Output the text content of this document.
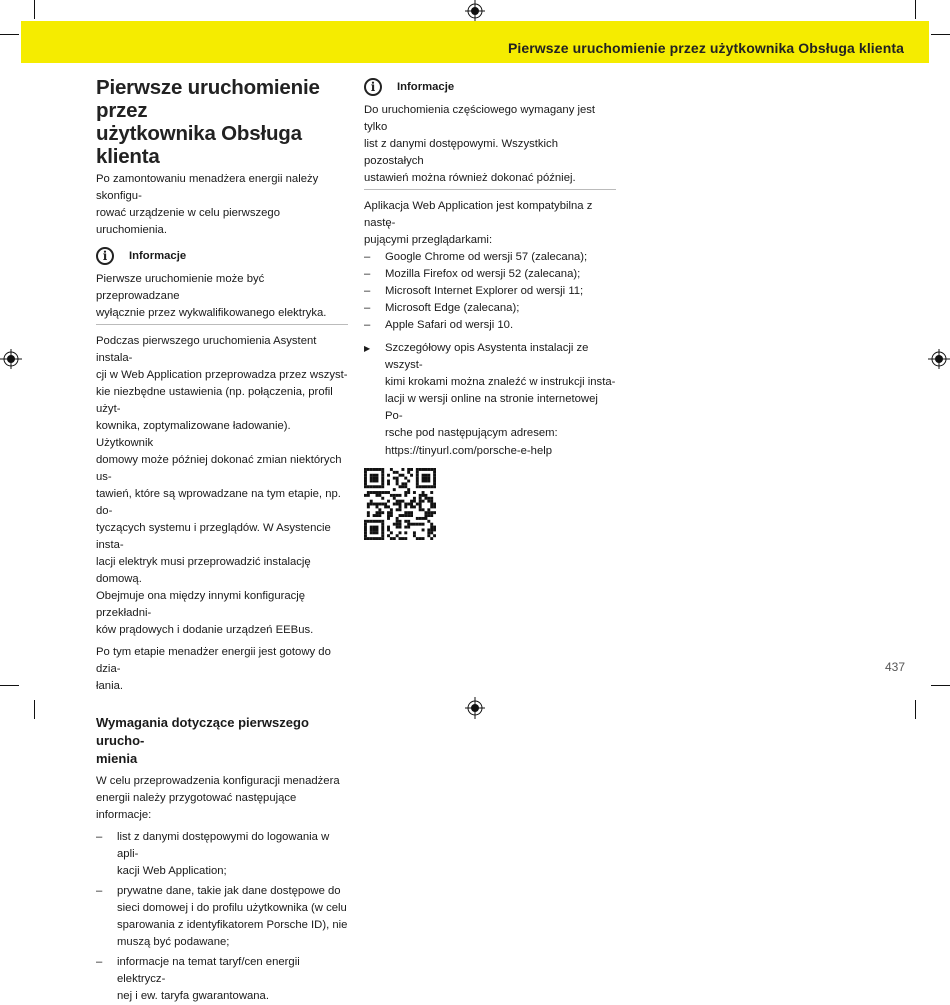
Pierwsze uruchomienie przez użytkownika Obsługa klienta
Pierwsze uruchomienie przez
użytkownika Obsługa klienta

Po zamontowaniu menadżera energii należy skonfigu-
rować urządzenie w celu pierwszego uruchomienia.

i	Informacje

Pierwsze uruchomienie może być przeprowadzane
wyłącznie przez wykwalifikowanego elektryka.

Podczas pierwszego uruchomienia Asystent instala-
cji w Web Application przeprowadza przez wszyst-
kie niezbędne ustawienia (np. połączenia, profil użyt-
kownika, zoptymalizowane ładowanie). Użytkownik
domowy może później dokonać zmian niektórych us-
tawień, które są wprowadzane na tym etapie, np. do-
tyczących systemu i przeglądów. W Asystencie insta-
lacji elektryk musi przeprowadzić instalację domową.
Obejmuje ona między innymi konfigurację przekładni-
ków prądowych i dodanie urządzeń EEBus.

Po tym etapie menadżer energii jest gotowy do dzia-
łania.

Wymagania dotyczące pierwszego urucho-
mienia

W celu przeprowadzenia konfiguracji menadżera
energii należy przygotować następujące informacje:

– list z danymi dostępowymi do logowania w apli-
kacji Web Application;
– prywatne dane, takie jak dane dostępowe do
sieci domowej i do profilu użytkownika (w celu
sparowania z identyfikatorem Porsche ID), nie
muszą być podawane;
– informacje na temat taryf/cen energii elektrycz-
nej i ew. taryfa gwarantowana.
i	Informacje

Do uruchomienia częściowego wymagany jest tylko
list z danymi dostępowymi. Wszystkich pozostałych
ustawień można również dokonać później.

Aplikacja Web Application jest kompatybilna z nastę-
pującymi przeglądarkami:

– Google Chrome od wersji 57 (zalecana);
– Mozilla Firefox od wersji 52 (zalecana);
– Microsoft Internet Explorer od wersji 11;
– Microsoft Edge (zalecana);
– Apple Safari od wersji 10.
▶ Szczegółowy opis Asystenta instalacji ze wszyst-
kimi krokami można znaleźć w instrukcji insta-
lacji w wersji online na stronie internetowej Po-
rsche pod następującym adresem:
https://tinyurl.com/porsche-e-help
437
